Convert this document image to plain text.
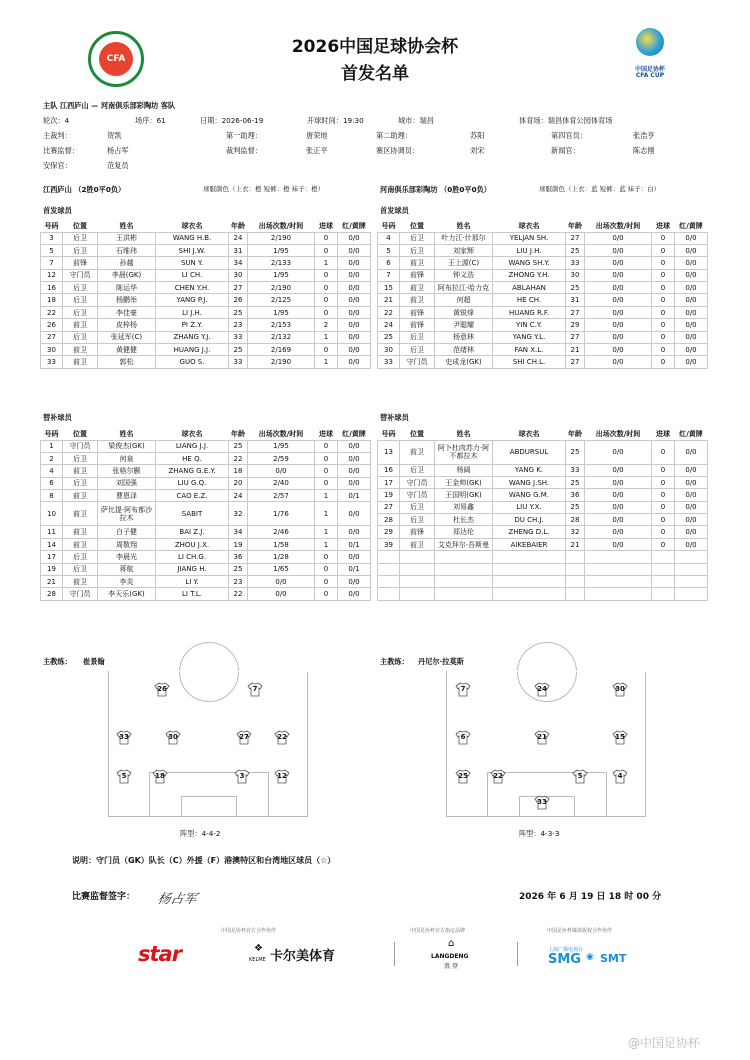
CFA
2026中国足球协会杯
首发名单	中国足协杯
CFA CUP
主队 江西庐山 — 河南俱乐部彩陶坊 客队
轮次：4	场序：61	日期：2026-06-19	开球时间：19:30	城市：瑞昌	体育场：瑞昌体育公园体育场
主裁判：	贺凯	第一助理：	唐荣地	第二助理：	苏阳	第四官员：	张浩亨
比赛监督：	杨占军	裁判监督：	张正平	赛区协调员：	刘宋	新闻官：	陈志刚
安保官：	范复员
江西庐山 （2胜0平0负）	球服颜色（上衣：橙 短裤：橙 袜子：橙）	河南俱乐部彩陶坊 （0胜0平0负）	球服颜色（上衣：蓝 短裤：蓝 袜子：白）
首发球员	首发球员
替补球员	替补球员
号码	位置	姓名	球衣名	年龄	出场次数/时间	进球	红/黄牌
3	后卫	王洪彬	WANG H.B.	24	2/190	0	0/0
5	后卫	石维玮	SHI J.W.	31	1/95	0	0/0
7	前锋	孙越	SUN Y.	34	2/133	1	0/0
12	守门员	李晨(GK)	LI CH.	30	1/95	0	0/0
16	后卫	陈运华	CHEN Y.H.	27	2/190	0	0/0
18	后卫	杨鹏举	YANG P.J.	26	2/125	0	0/0
22	后卫	李佳豪	LI J.H.	25	1/95	0	0/0
26	前卫	皮梓杨	PI Z.Y.	23	2/153	2	0/0
27	后卫	张延军(C)	ZHANG Y.J.	33	2/132	1	0/0
30	前卫	黄健健	HUANG J.J.	25	2/169	0	0/0
33	前卫	郭松	GUO S.	33	2/190	1	0/0
号码	位置	姓名	球衣名	年龄	出场次数/时间	进球	红/黄牌
4	后卫	叶力江·什那尔	YELJAN SH.	27	0/0	0	0/0
5	后卫	刘家辉	LIU J.H.	25	0/0	0	0/0
6	前卫	王上源(C)	WANG SH.Y.	33	0/0	0	0/0
7	前锋	钟义浩	ZHONG Y.H.	30	0/0	0	0/0
15	前卫	阿布拉江·哈力克	ABLAHAN	25	0/0	0	0/0
21	前卫	何超	HE CH.	31	0/0	0	0/0
22	前锋	黄锐烽	HUANG R.F.	27	0/0	0	0/0
24	前锋	尹聪耀	YIN C.Y.	29	0/0	0	0/0
25	后卫	杨意林	YANG Y.L.	27	0/0	0	0/0
30	后卫	范绪林	FAN X.L.	21	0/0	0	0/0
33	守门员	史成龙(GK)	SHI CH.L.	27	0/0	0	0/0
号码	位置	姓名	球衣名	年龄	出场次数/时间	进球	红/黄牌
1	守门员	梁俊杰(GK)	LIANG J.J.	25	1/95	0	0/0
2	后卫	何泉	HE Q.	22	2/59	0	0/0
4	前卫	张格尔颢	ZHANG G.E.Y.	18	0/0	0	0/0
6	后卫	刘国强	LIU G.Q.	20	2/40	0	0/0
8	前卫	曹恩泽	CAO E.Z.	24	2/57	1	0/1
10	前卫	萨比提·阿布都沙拉木	SABIT	32	1/76	1	0/0
11	前卫	白子健	BAI Z.J.	34	2/46	1	0/0
14	前卫	周敬翔	ZHOU J.X.	19	1/58	1	0/1
17	后卫	李晨光	LI CH.G.	36	1/28	0	0/0
19	后卫	蒋航	JIANG H.	25	1/65	0	0/1
21	前卫	李炎	LI Y.	23	0/0	0	0/0
28	守门员	李天乐(GK)	LI T.L.	22	0/0	0	0/0
号码	位置	姓名	球衣名	年龄	出场次数/时间	进球	红/黄牌
13	前卫	阿卜杜肉苏力·阿不都拉木	ABDURSUL	25	0/0	0	0/0
16	后卫	杨阔	YANG K.	33	0/0	0	0/0
17	守门员	王金帅(GK)	WANG J.SH.	25	0/0	0	0/0
19	守门员	王国明(GK)	WANG G.M.	36	0/0	0	0/0
27	后卫	刘易鑫	LIU Y.X.	25	0/0	0	0/0
28	后卫	杜长杰	DU CH.J.	28	0/0	0	0/0
29	前锋	郑达伦	ZHENG D.L.	32	0/0	0	0/0
39	前卫	艾克拜尔·吾斯曼	AIKEBAIER	21	0/0	0	0/0

主教练： 崔景翰	主教练： 丹尼尔·拉莫斯
26	7
33	30	27	22
5	18	3	12
7	24	30
6	21	15
25	22	5	4
33
阵型：4-4-2	阵型：4-3-3
说明：守门员（GK）队长（C）外援（F）港澳特区和台湾地区球员（☆）
比赛监督签字： 杨占军	2026 年 6 月 19 日 18 时 00 分
中国足协杯官方合作伙伴	中国足协杯官方指定品牌	中国足协杯媒体版权合作伙伴
star	❖
KELME 卡尔美体育
⌂
LANGDENG
浪 登
上海广播电视台
SMG ◉ SMT
@中国足协杯
